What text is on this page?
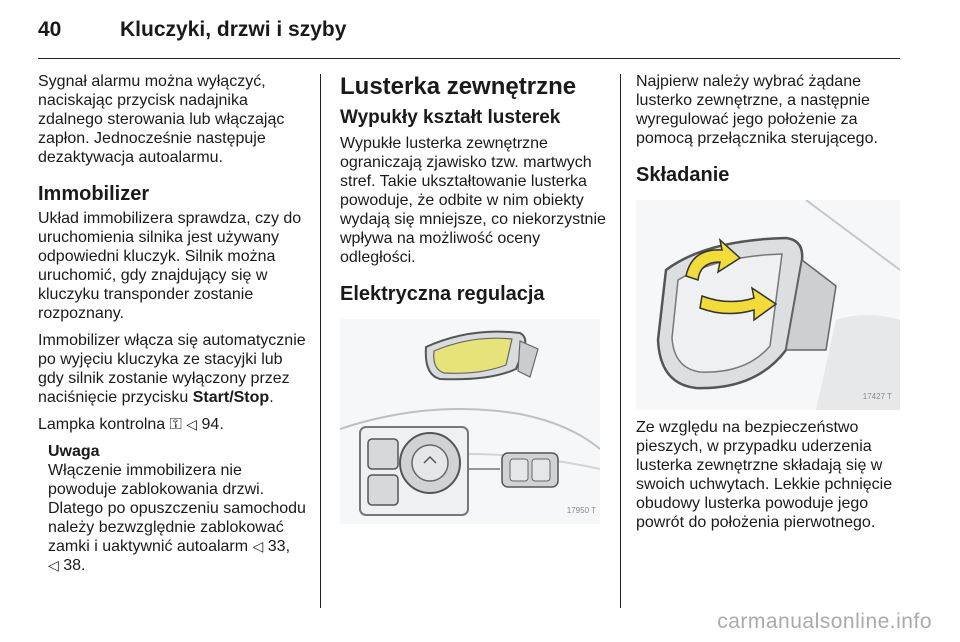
40	Kluczyki, drzwi i szyby

Sygnał alarmu można wyłączyć, naciskając przycisk nadajnika zdalnego sterowania lub włączając zapłon. Jednocześnie następuje dezaktywacja autoalarmu.

Immobilizer

Układ immobilizera sprawdza, czy do uruchomienia silnika jest używany odpowiedni kluczyk. Silnik można uruchomić, gdy znajdujący się w kluczyku transponder zostanie rozpoznany.

Immobilizer włącza się automatycznie po wyjęciu kluczyka ze stacyjki lub gdy silnik zostanie wyłączony przez naciśnięcie przycisku Start/Stop.

Lampka kontrolna ⚿ ◁ 94.

Uwaga
Włączenie immobilizera nie powoduje zablokowania drzwi. Dlatego po opuszczeniu samochodu należy bezwzględnie zablokować zamki i uaktywnić autoalarm ◁ 33,
◁ 38.
Lusterka zewnętrzne
Wypukły kształt lusterek

Wypukłe lusterka zewnętrzne ograniczają zjawisko tzw. martwych stref. Takie ukształtowanie lusterka powoduje, że odbite w nim obiekty wydają się mniejsze, co niekorzystnie wpływa na możliwość oceny odległości.

Elektryczna regulacja
17950 T

Najpierw należy wybrać żądane lusterko zewnętrzne, a następnie wyregulować jego położenie za pomocą przełącznika sterującego.

Składanie
17427 T

Ze względu na bezpieczeństwo pieszych, w przypadku uderzenia lusterka zewnętrzne składają się w swoich uchwytach. Lekkie pchnięcie obudowy lusterka powoduje jego powrót do położenia pierwotnego.

carmanualsonline.info
